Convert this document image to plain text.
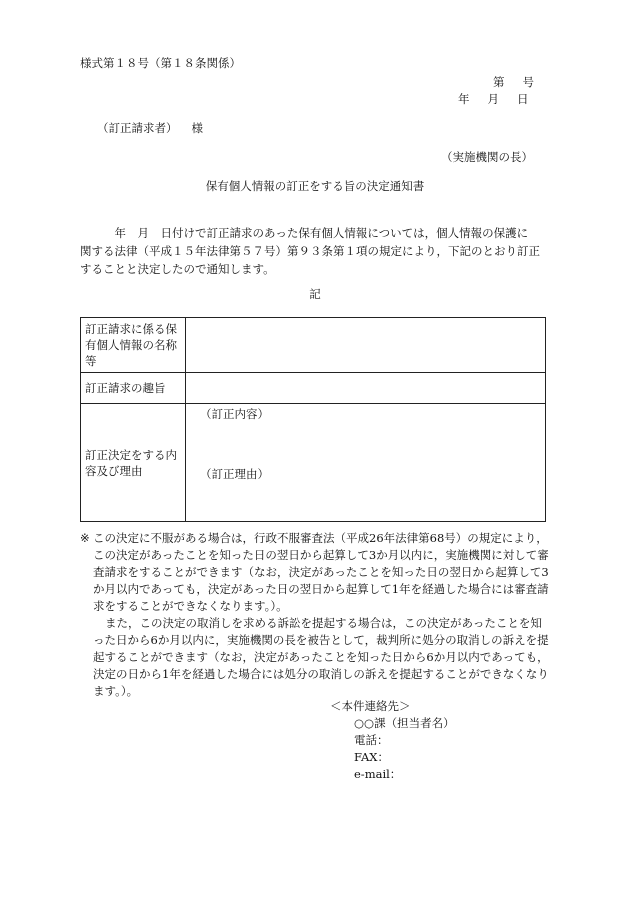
様式第１８号（第１８条関係）
第 号
年 月 日
（訂正請求者） 様
（実施機関の長）
保有個人情報の訂正をする旨の決定通知書

　　　年　月　日付けで訂正請求のあった保有個人情報については，個人情報の保護に

関する法律（平成１５年法律第５７号）第９３条第１項の規定により，下記のとおり訂正

することと決定したので通知します。

記
訂正請求に係る保有個人情報の名称等	
訂正請求の趣旨	
訂正決定をする内容及び理由	（訂正内容）
（訂正理由）
※ この決定に不服がある場合は，行政不服審査法（平成26年法律第68号）の規定により，この決定があったことを知った日の翌日から起算して3か月以内に，実施機関に対して審査請求をすることができます（なお，決定があったことを知った日の翌日から起算して3か月以内であっても，決定があった日の翌日から起算して1年を経過した場合には審査請求をすることができなくなります。）。

また，この決定の取消しを求める訴訟を提起する場合は，この決定があったことを知った日から6か月以内に，実施機関の長を被告として，裁判所に処分の取消しの訴えを提起することができます（なお，決定があったことを知った日から6か月以内であっても，決定の日から1年を経過した場合には処分の取消しの訴えを提起することができなくなります。）。

＜本件連絡先＞
○○課（担当者名）
電話：
FAX：
e-mail：
